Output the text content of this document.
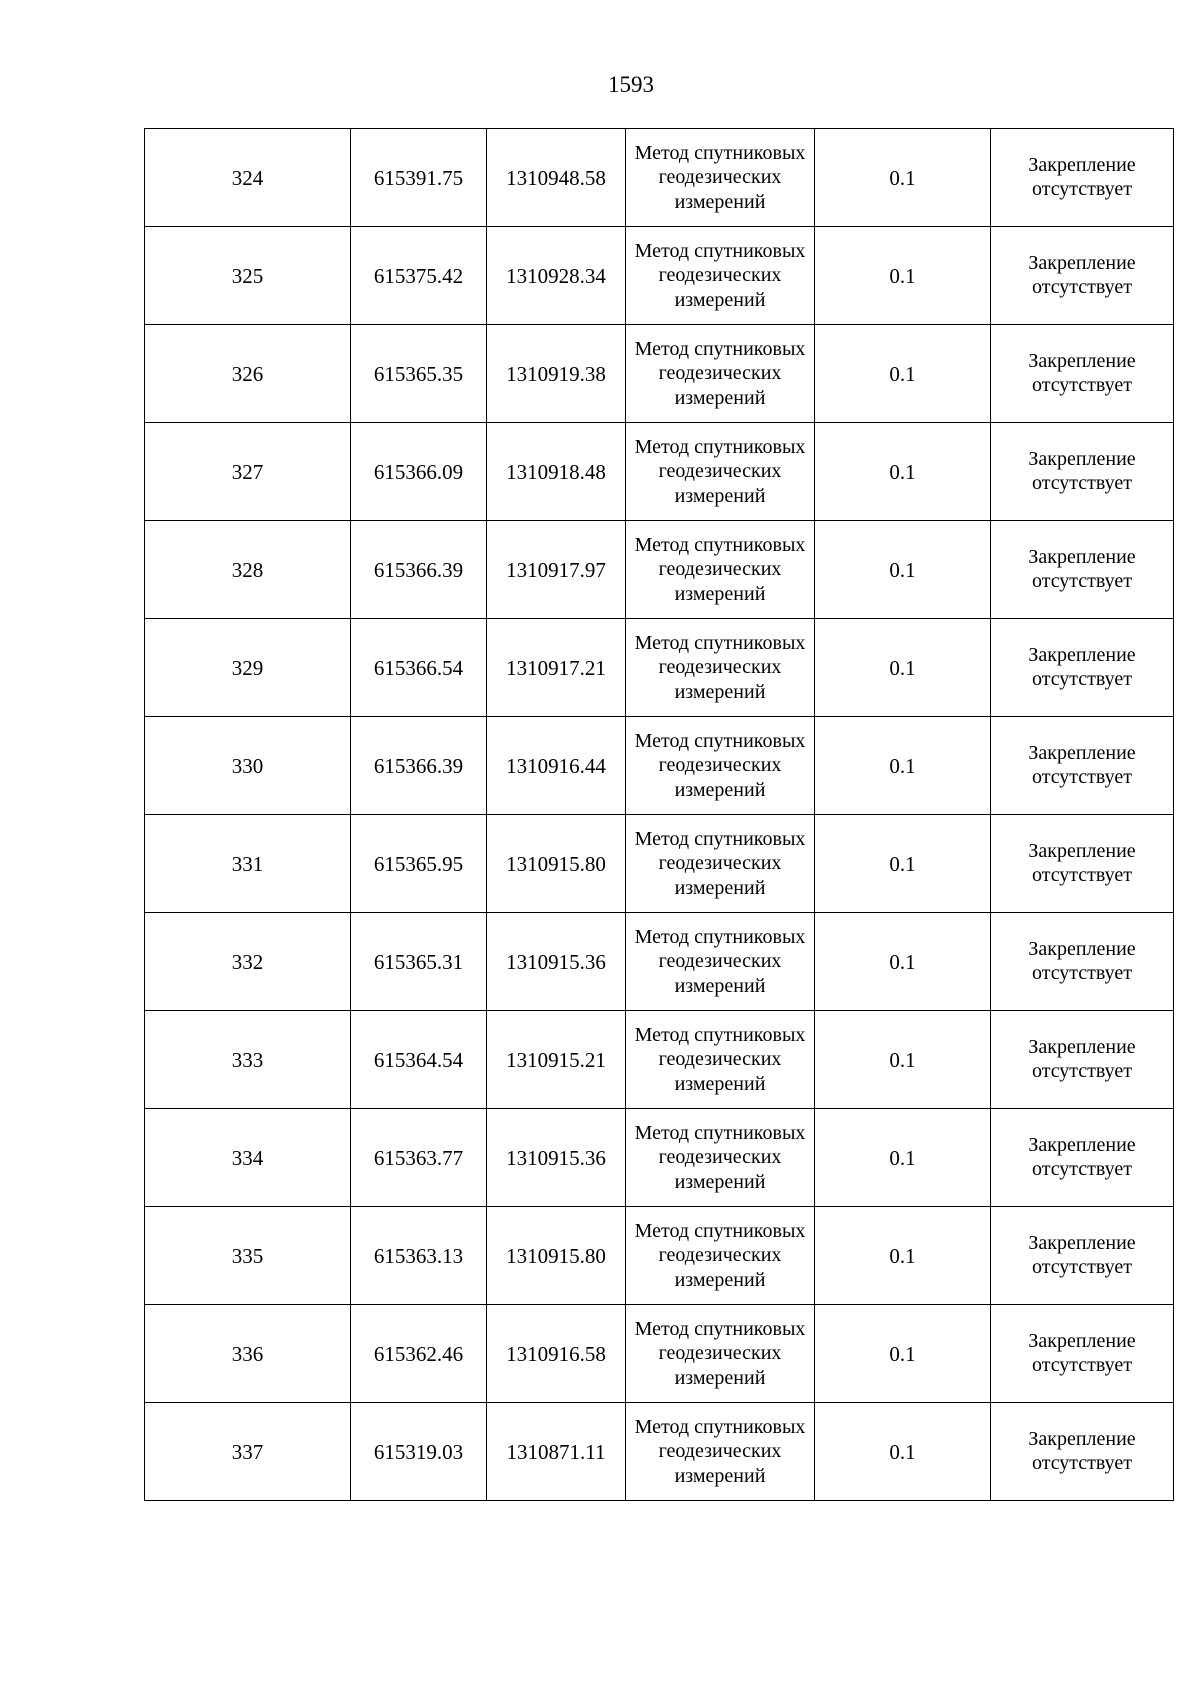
1593
324	615391.75	1310948.58	Метод спутниковых геодезических измерений	0.1	Закрепление отсутствует
325	615375.42	1310928.34	Метод спутниковых геодезических измерений	0.1	Закрепление отсутствует
326	615365.35	1310919.38	Метод спутниковых геодезических измерений	0.1	Закрепление отсутствует
327	615366.09	1310918.48	Метод спутниковых геодезических измерений	0.1	Закрепление отсутствует
328	615366.39	1310917.97	Метод спутниковых геодезических измерений	0.1	Закрепление отсутствует
329	615366.54	1310917.21	Метод спутниковых геодезических измерений	0.1	Закрепление отсутствует
330	615366.39	1310916.44	Метод спутниковых геодезических измерений	0.1	Закрепление отсутствует
331	615365.95	1310915.80	Метод спутниковых геодезических измерений	0.1	Закрепление отсутствует
332	615365.31	1310915.36	Метод спутниковых геодезических измерений	0.1	Закрепление отсутствует
333	615364.54	1310915.21	Метод спутниковых геодезических измерений	0.1	Закрепление отсутствует
334	615363.77	1310915.36	Метод спутниковых геодезических измерений	0.1	Закрепление отсутствует
335	615363.13	1310915.80	Метод спутниковых геодезических измерений	0.1	Закрепление отсутствует
336	615362.46	1310916.58	Метод спутниковых геодезических измерений	0.1	Закрепление отсутствует
337	615319.03	1310871.11	Метод спутниковых геодезических измерений	0.1	Закрепление отсутствует
